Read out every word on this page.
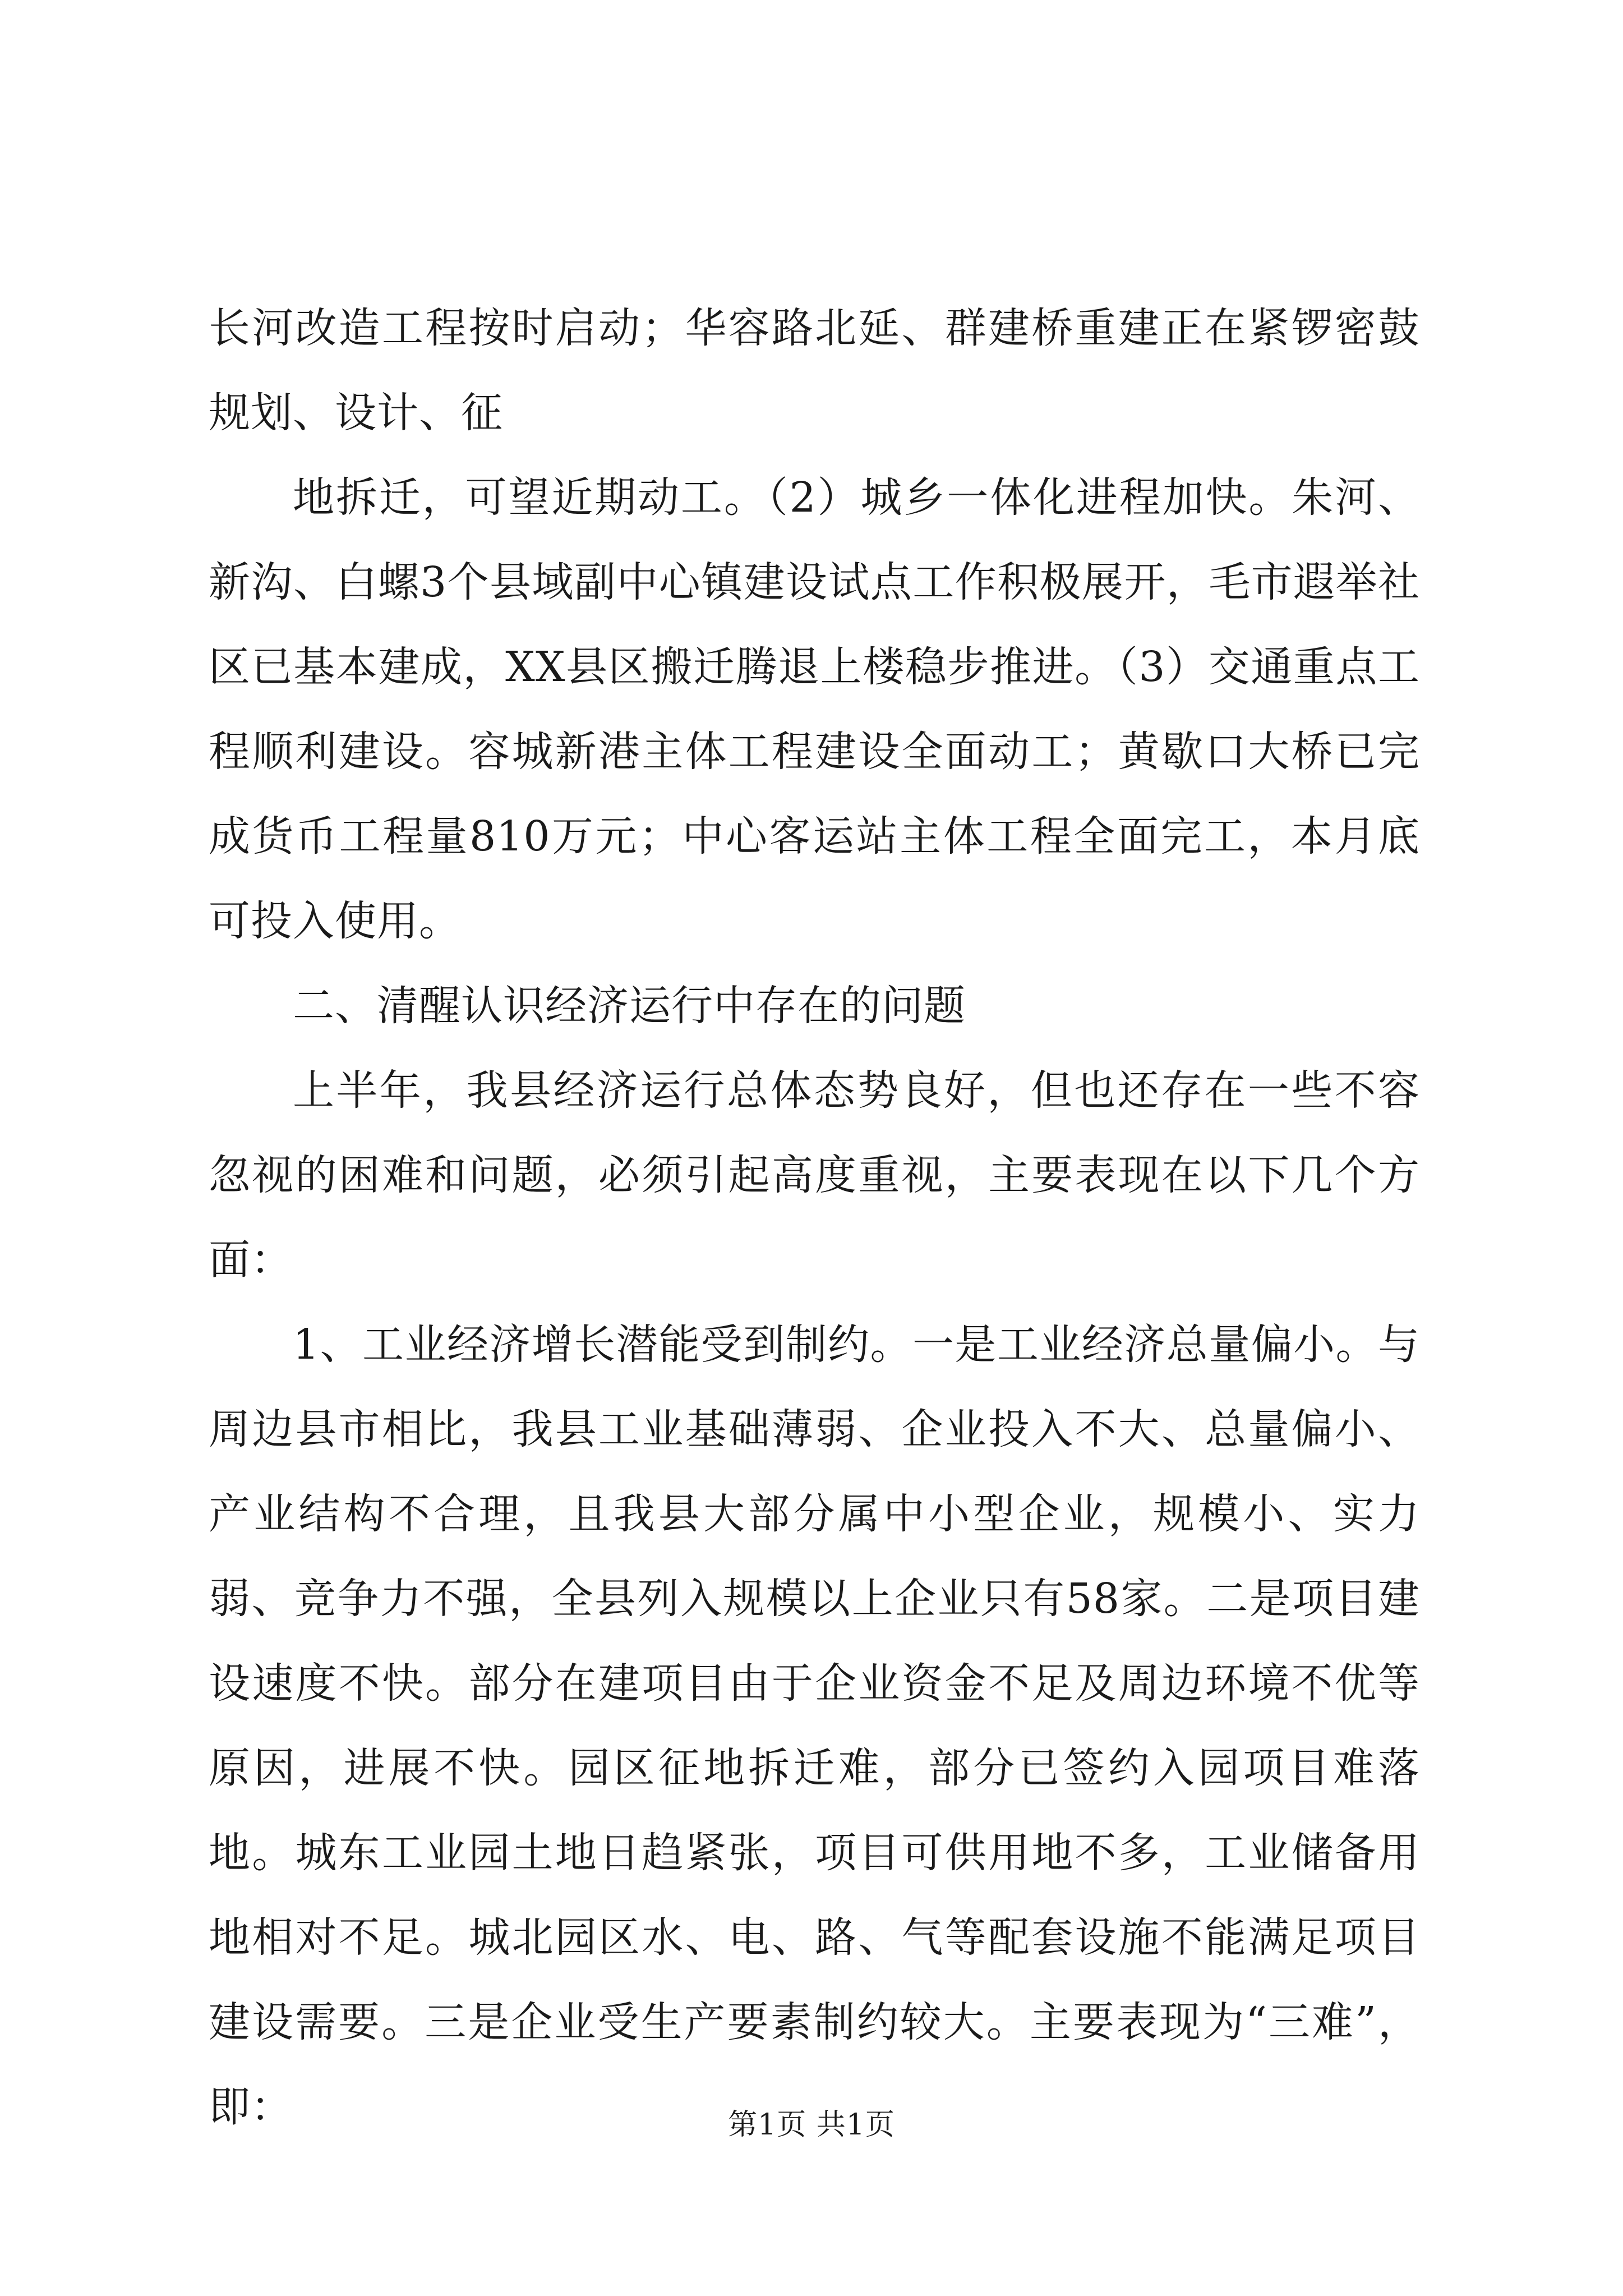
长河改造工程按时启动；华容路北延、群建桥重建正在紧锣密鼓规划、设计、征

地拆迁，可望近期动工。（2）城乡一体化进程加快。朱河、新沟、白螺3个县域副中心镇建设试点工作积极展开，毛市遐举社区已基本建成，XX县区搬迁腾退上楼稳步推进。（3）交通重点工程顺利建设。容城新港主体工程建设全面动工；黄歇口大桥已完成货币工程量810万元；中心客运站主体工程全面完工，本月底可投入使用。

二、清醒认识经济运行中存在的问题

上半年，我县经济运行总体态势良好，但也还存在一些不容忽视的困难和问题，必须引起高度重视，主要表现在以下几个方面：

1、工业经济增长潜能受到制约。一是工业经济总量偏小。与周边县市相比，我县工业基础薄弱、企业投入不大、总量偏小、产业结构不合理，且我县大部分属中小型企业，规模小、实力弱、竞争力不强，全县列入规模以上企业只有58家。二是项目建设速度不快。部分在建项目由于企业资金不足及周边环境不优等原因，进展不快。园区征地拆迁难，部分已签约入园项目难落地。城东工业园土地日趋紧张，项目可供用地不多，工业储备用地相对不足。城北园区水、电、路、气等配套设施不能满足项目建设需要。三是企业受生产要素制约较大。主要表现为“三难”，即：	第1页 共1页
